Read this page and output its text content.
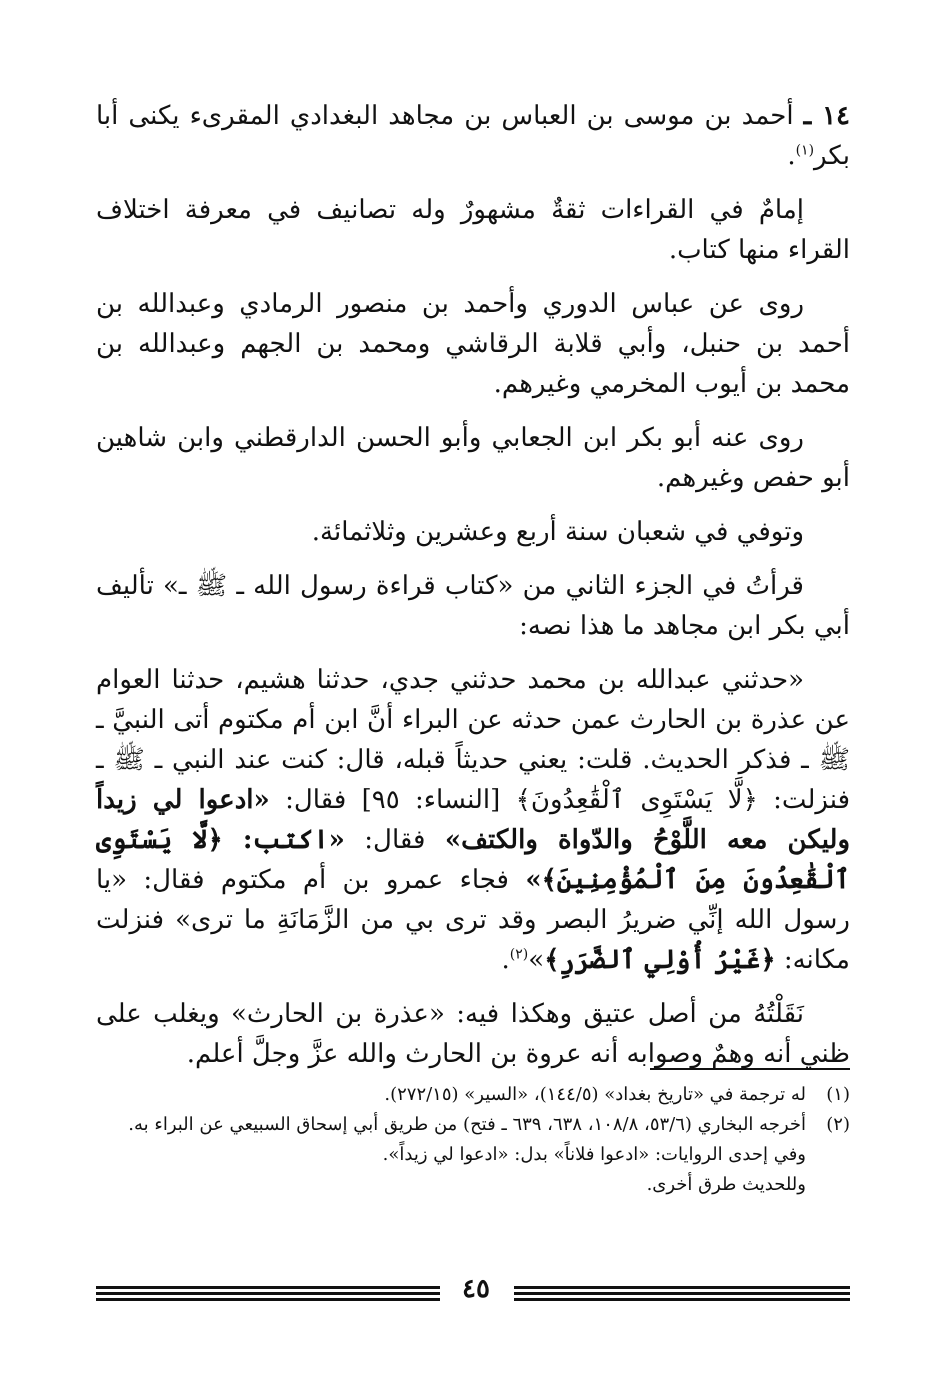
١٤ ـ أحمد بن موسى بن العباس بن مجاهد البغدادي المقرىء يكنى أبا بكر$^{(١)}$.

إمامٌ في القراءات ثقةٌ مشهورٌ وله تصانيف في معرفة اختلاف القراء منها كتاب.

روى عن عباس الدوري وأحمد بن منصور الرمادي وعبدالله بن أحمد بن حنبل، وأبي قلابة الرقاشي ومحمد بن الجهم وعبدالله بن محمد بن أيوب المخرمي وغيرهم.

روى عنه أبو بكر ابن الجعابي وأبو الحسن الدارقطني وابن شاهين أبو حفص وغيرهم.

وتوفي في شعبان سنة أربع وعشرين وثلاثمائة.

قرأتُ في الجزء الثاني من «كتاب قراءة رسول الله ـ ﷺ ـ» تأليف أبي بكر ابن مجاهد ما هذا نصه:

«حدثني عبدالله بن محمد حدثني جدي، حدثنا هشيم، حدثنا العوام عن عذرة بن الحارث عمن حدثه عن البراء أنَّ ابن أم مكتوم أتى النبيَّ ـ ﷺ ـ فذكر الحديث. قلت: يعني حديثاً قبله، قال: كنت عند النبي ـ ﷺ ـ فنزلت: ﴿لَّا يَسْتَوِى ٱلْقَٰعِدُونَ﴾ [النساء: ٩٥] فقال: «ادعوا لي زيداً وليكن معه اللَّوْحُ والدّواة والكتف» فقال: «اكتب: ﴿لَّا يَسْتَوِى ٱلْقَٰعِدُونَ مِنَ ٱلْمُؤْمِنِينَ﴾» فجاء عمرو بن أم مكتوم فقال: «يا رسول الله إنِّي ضريرُ البصر وقد ترى بي من الزَّمَانَةِ ما ترى» فنزلت مكانه: ﴿غَيْرُ أُوْلِي ٱلضَّرَرِ﴾»$^{(٢)}$.

نَقَلْتُهُ من أصل عتيق وهكذا فيه: «عذرة بن الحارث» ويغلب على ظني أنه وهمٌ وصوابه أنه عروة بن الحارث والله عزَّ وجلَّ أعلم.

(١)
له ترجمة في «تاريخ بغداد» (١٤٤/٥)، «السير» (٢٧٢/١٥).

(٢)
أخرجه البخاري (٥٣/٦، ١٠٨/٨، ٦٣٨، ٦٣٩ ـ فتح) من طريق أبي إسحاق السبيعي عن البراء به.

وفي إحدى الروايات: «ادعوا فلاناً» بدل: «ادعوا لي زيداً».

وللحديث طرق أخرى.

٤٥
